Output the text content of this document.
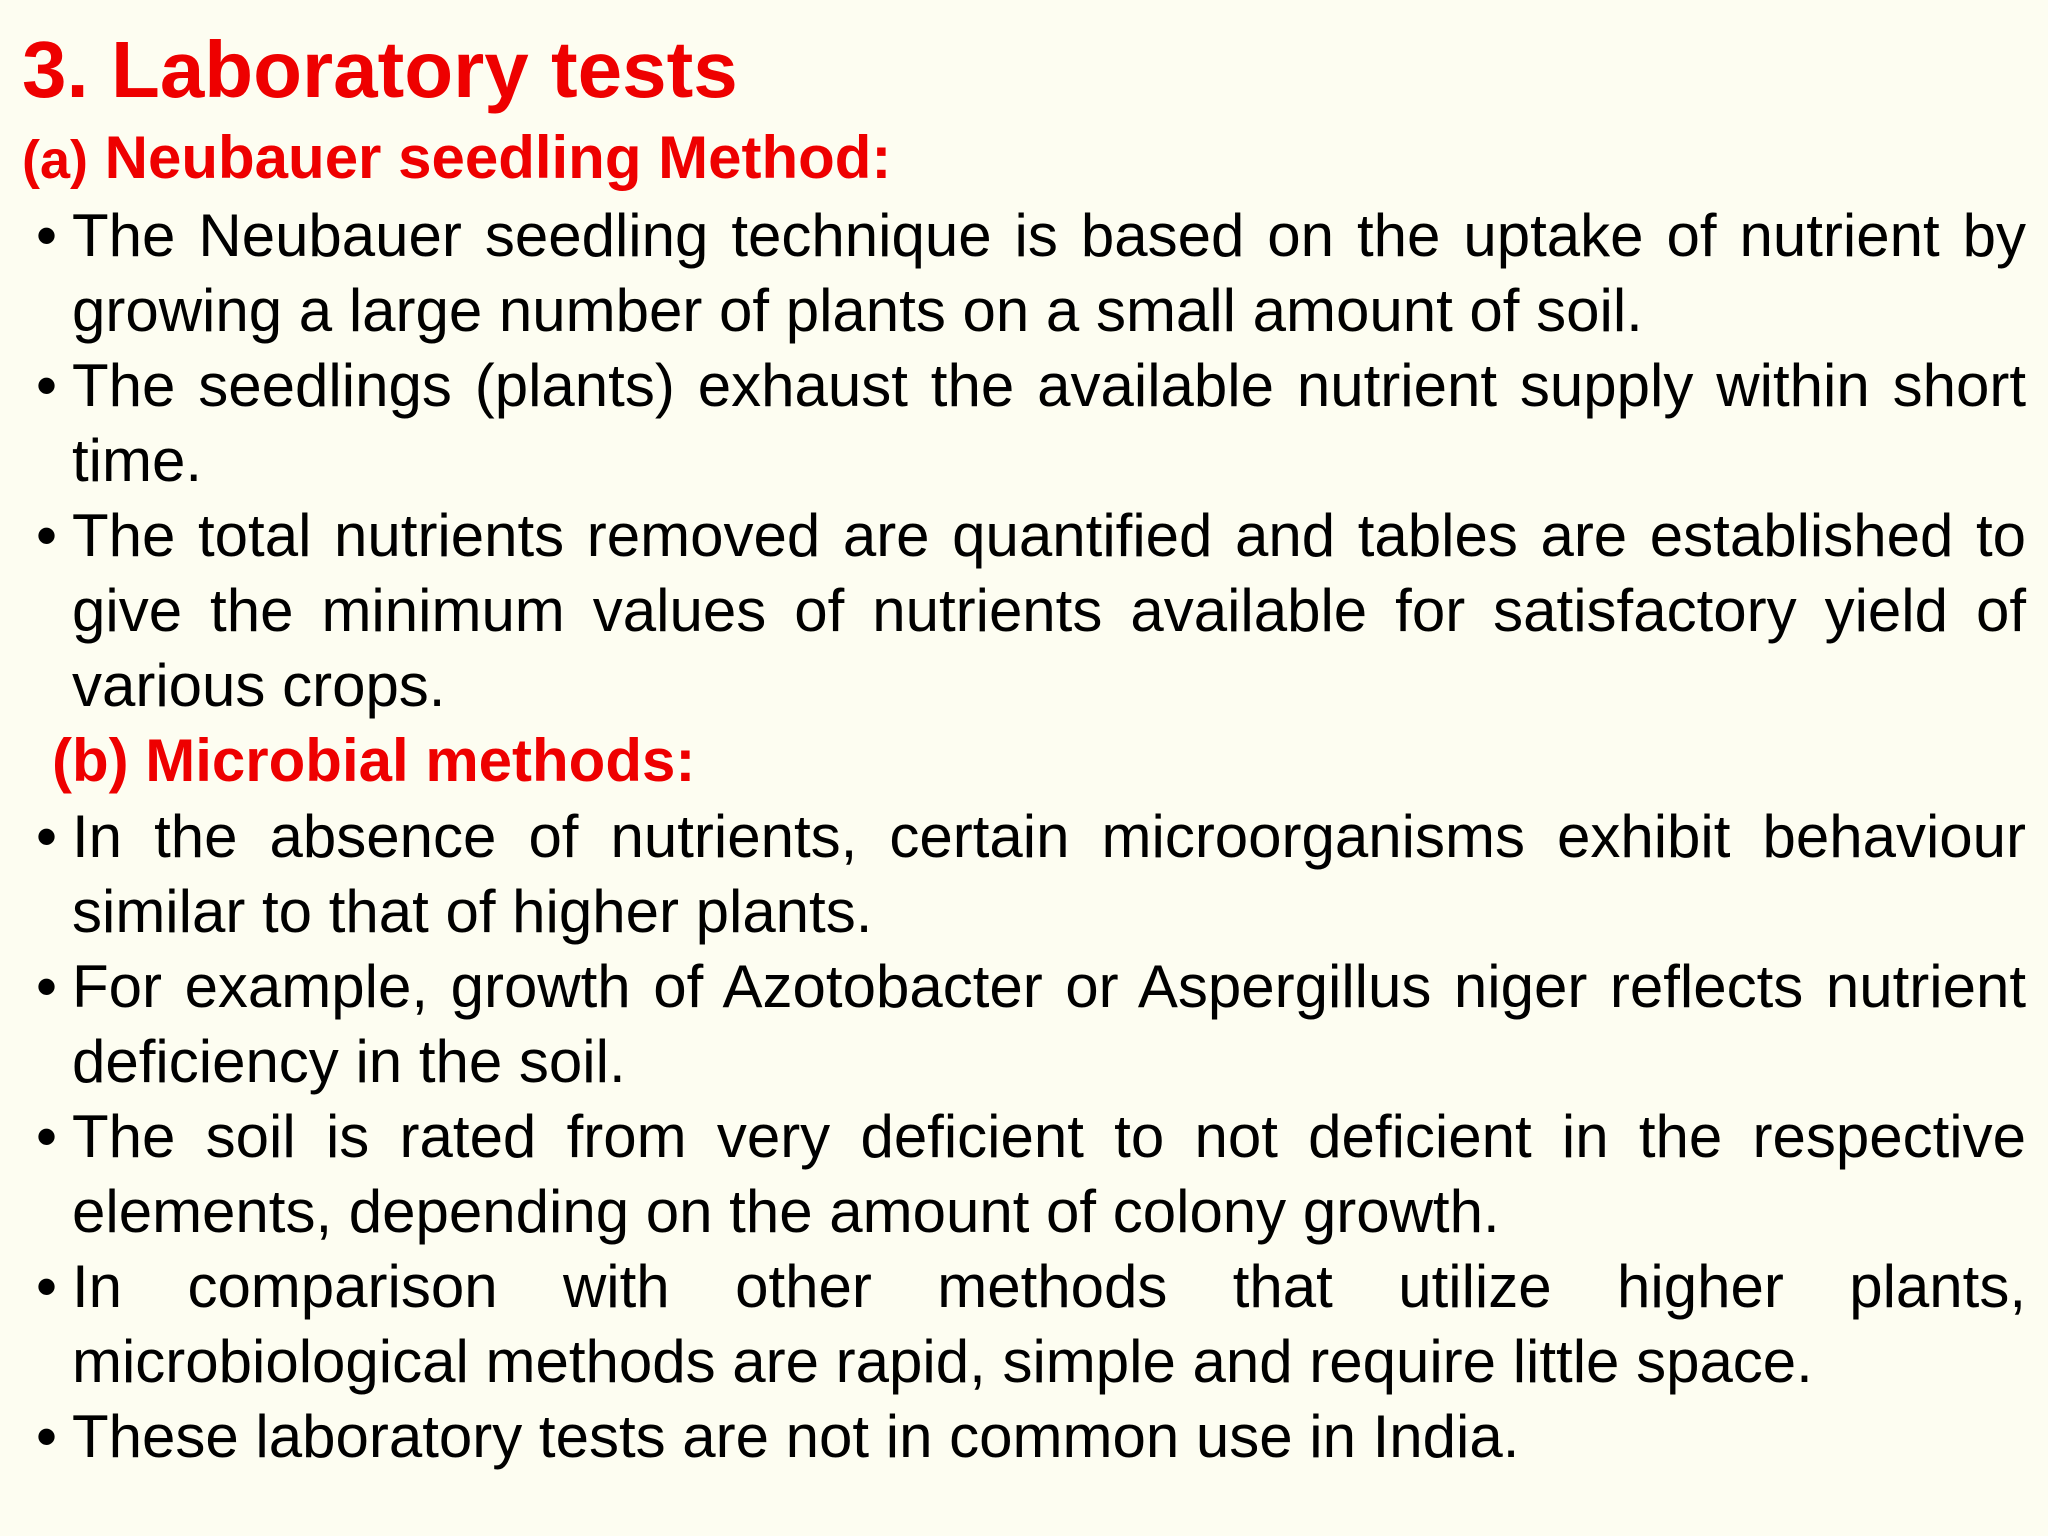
3. Laboratory tests
(a) Neubauer seedling Method:
• The Neubauer seedling technique is based on the uptake of nutrient by growing a large number of plants on a small amount of soil.
• The seedlings (plants) exhaust the available nutrient supply within short time.
• The total nutrients removed are quantified and tables are established to give the minimum values of nutrients available for satisfactory yield of various crops.
(b) Microbial methods:
• In the absence of nutrients, certain microorganisms exhibit behaviour similar to that of higher plants.
• For example, growth of Azotobacter or Aspergillus niger reflects nutrient deficiency in the soil.
• The soil is rated from very deficient to not deficient in the respective elements, depending on the amount of colony growth.
• In comparison with other methods that utilize higher plants, microbiological methods are rapid, simple and require little space.
• These laboratory tests are not in common use in India.
